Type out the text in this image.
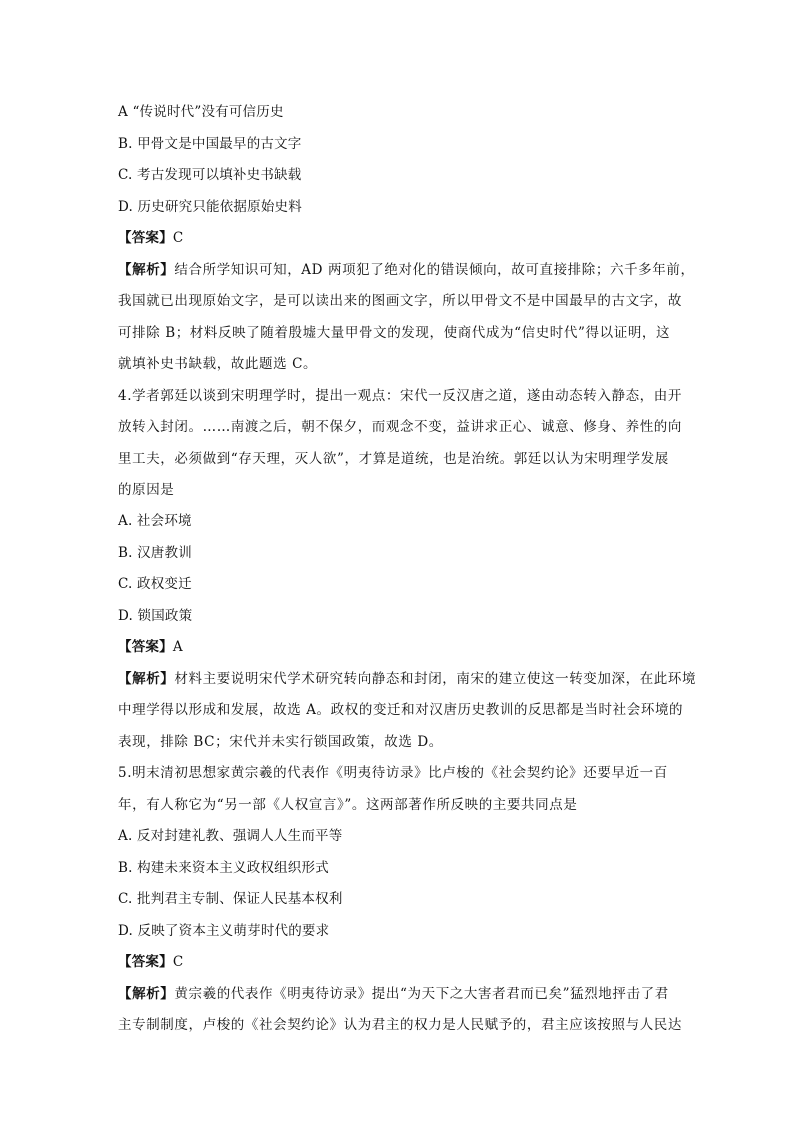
A “传说时代”没有可信历史
B. 甲骨文是中国最早的古文字
C. 考古发现可以填补史书缺载
D. 历史研究只能依据原始史料
【答案】C
【解析】结合所学知识可知，AD 两项犯了绝对化的错误倾向，故可直接排除；六千多年前，
我国就已出现原始文字，是可以读出来的图画文字，所以甲骨文不是中国最早的古文字，故
可排除 B；材料反映了随着殷墟大量甲骨文的发现，使商代成为“信史时代”得以证明，这
就填补史书缺载，故此题选 C。
4.学者郭廷以谈到宋明理学时，提出一观点：宋代一反汉唐之道，遂由动态转入静态，由开
放转入封闭。……南渡之后，朝不保夕，而观念不变，益讲求正心、诚意、修身、养性的向
里工夫，必须做到“存天理，灭人欲”，才算是道统，也是治统。郭廷以认为宋明理学发展
的原因是
A. 社会环境
B. 汉唐教训
C. 政权变迁
D. 锁国政策
【答案】A
【解析】材料主要说明宋代学术研究转向静态和封闭，南宋的建立使这一转变加深，在此环境
中理学得以形成和发展，故选 A。政权的变迁和对汉唐历史教训的反思都是当时社会环境的
表现，排除 BC；宋代并未实行锁国政策，故选 D。
5.明末清初思想家黄宗羲的代表作《明夷待访录》比卢梭的《社会契约论》还要早近一百
年，有人称它为“另一部《人权宣言》”。这两部著作所反映的主要共同点是
A. 反对封建礼教、强调人人生而平等
B. 构建未来资本主义政权组织形式
C. 批判君主专制、保证人民基本权利
D. 反映了资本主义萌芽时代的要求
【答案】C
【解析】黄宗羲的代表作《明夷待访录》提出“为天下之大害者君而已矣”猛烈地抨击了君
主专制制度，卢梭的《社会契约论》认为君主的权力是人民赋予的，君主应该按照与人民达
